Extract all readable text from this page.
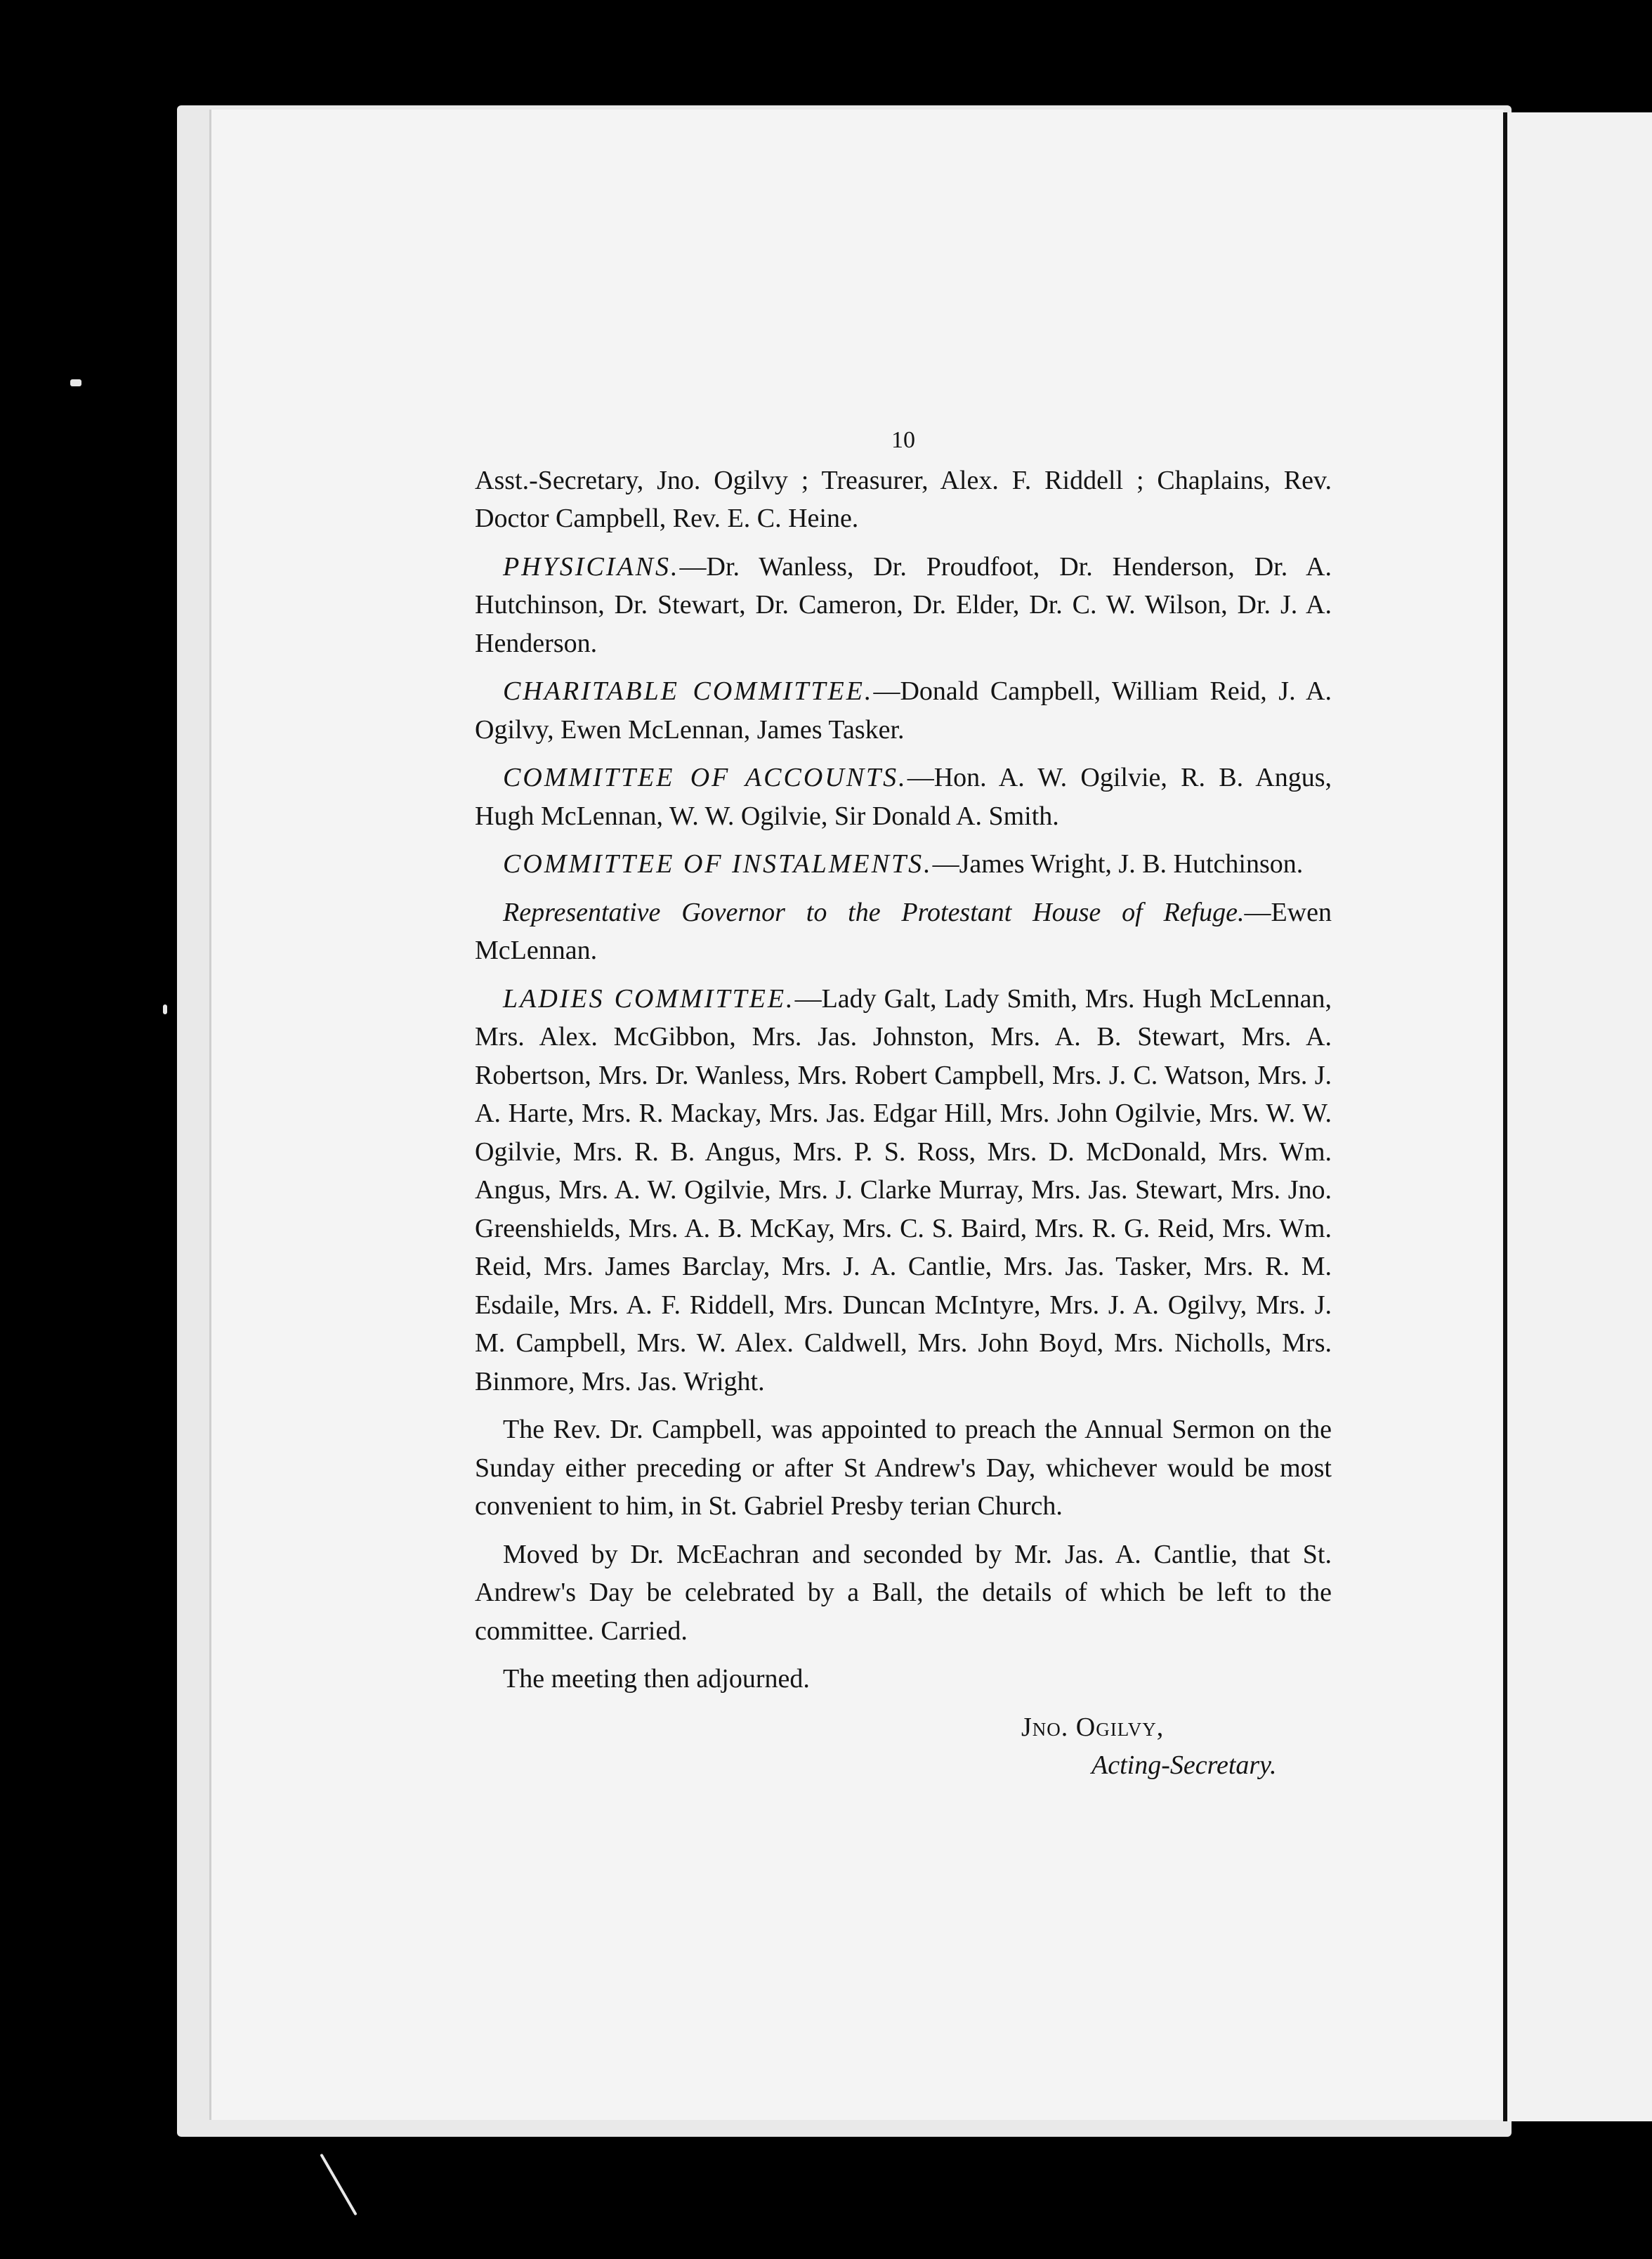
10

Asst.-Secretary, Jno. Ogilvy ; Treasurer, Alex. F. Riddell ; Chaplains, Rev. Doctor Campbell, Rev. E. C. Heine.

PHYSICIANS.—Dr. Wanless, Dr. Proudfoot, Dr. Henderson, Dr. A. Hutchinson, Dr. Stewart, Dr. Cameron, Dr. Elder, Dr. C. W. Wilson, Dr. J. A. Henderson.

CHARITABLE COMMITTEE.—Donald Campbell, William Reid, J. A. Ogilvy, Ewen McLennan, James Tasker.

COMMITTEE OF ACCOUNTS.—Hon. A. W. Ogilvie, R. B. Angus, Hugh McLennan, W. W. Ogilvie, Sir Donald A. Smith.

COMMITTEE OF INSTALMENTS.—James Wright, J. B. Hutchinson.

Representative Governor to the Protestant House of Refuge.—Ewen McLennan.

LADIES COMMITTEE.—Lady Galt, Lady Smith, Mrs. Hugh McLennan, Mrs. Alex. McGibbon, Mrs. Jas. Johnston, Mrs. A. B. Stewart, Mrs. A. Robertson, Mrs. Dr. Wanless, Mrs. Robert Campbell, Mrs. J. C. Watson, Mrs. J. A. Harte, Mrs. R. Mackay, Mrs. Jas. Edgar Hill, Mrs. John Ogilvie, Mrs. W. W. Ogilvie, Mrs. R. B. Angus, Mrs. P. S. Ross, Mrs. D. McDonald, Mrs. Wm. Angus, Mrs. A. W. Ogilvie, Mrs. J. Clarke Murray, Mrs. Jas. Stewart, Mrs. Jno. Greenshields, Mrs. A. B. McKay, Mrs. C. S. Baird, Mrs. R. G. Reid, Mrs. Wm. Reid, Mrs. James Barclay, Mrs. J. A. Cantlie, Mrs. Jas. Tasker, Mrs. R. M. Esdaile, Mrs. A. F. Riddell, Mrs. Duncan McIntyre, Mrs. J. A. Ogilvy, Mrs. J. M. Campbell, Mrs. W. Alex. Caldwell, Mrs. John Boyd, Mrs. Nicholls, Mrs. Binmore, Mrs. Jas. Wright.

The Rev. Dr. Campbell, was appointed to preach the Annual Sermon on the Sunday either preceding or after St Andrew's Day, whichever would be most convenient to him, in St. Gabriel Presby terian Church.

Moved by Dr. McEachran and seconded by Mr. Jas. A. Cantlie, that St. Andrew's Day be celebrated by a Ball, the details of which be left to the committee. Carried.

The meeting then adjourned.

Jno. Ogilvy,
Acting-Secretary.
